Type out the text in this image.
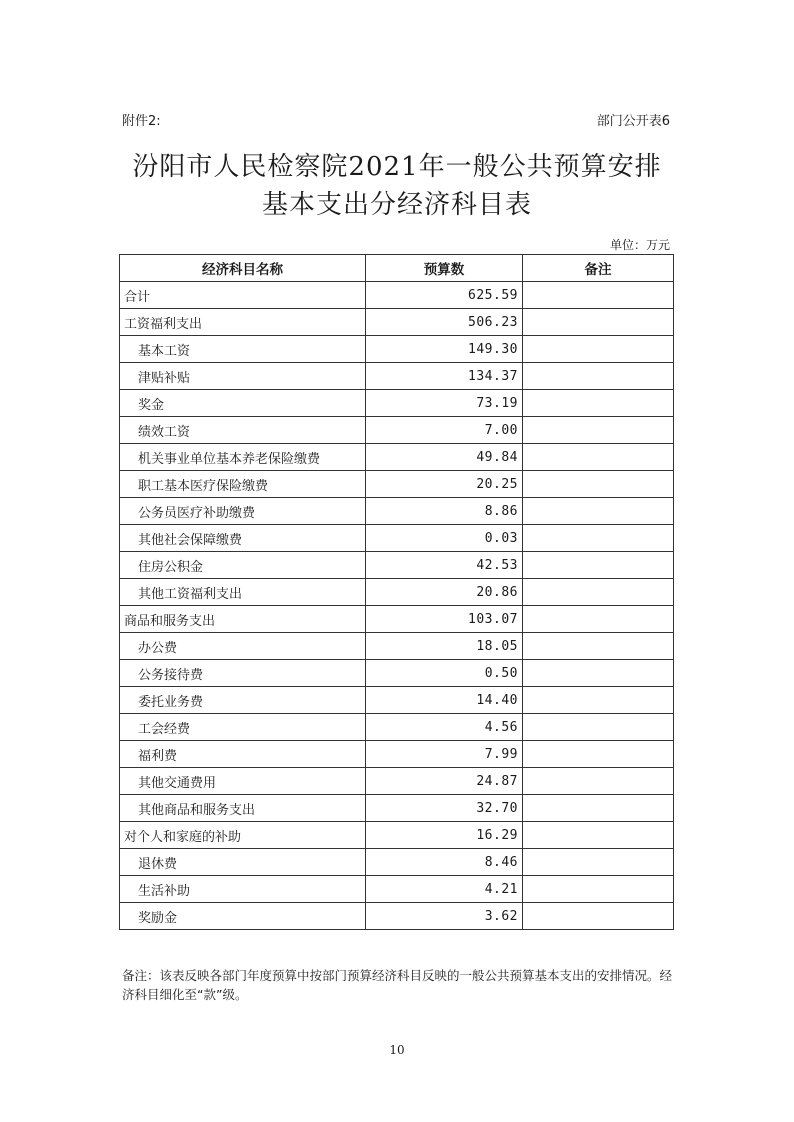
附件2:	部门公开表6
汾阳市人民检察院2021年一般公共预算安排
基本支出分经济科目表
单位：万元
经济科目名称	预算数	备注
合计	625.59	
工资福利支出	506.23	
基本工资	149.30	
津贴补贴	134.37	
奖金	73.19	
绩效工资	7.00	
机关事业单位基本养老保险缴费	49.84	
职工基本医疗保险缴费	20.25	
公务员医疗补助缴费	8.86	
其他社会保障缴费	0.03	
住房公积金	42.53	
其他工资福利支出	20.86	
商品和服务支出	103.07	
办公费	18.05	
公务接待费	0.50	
委托业务费	14.40	
工会经费	4.56	
福利费	7.99	
其他交通费用	24.87	
其他商品和服务支出	32.70	
对个人和家庭的补助	16.29	
退休费	8.46	
生活补助	4.21	
奖励金	3.62	
备注：该表反映各部门年度预算中按部门预算经济科目反映的一般公共预算基本支出的安排情况。经济科目细化至“款”级。
10
